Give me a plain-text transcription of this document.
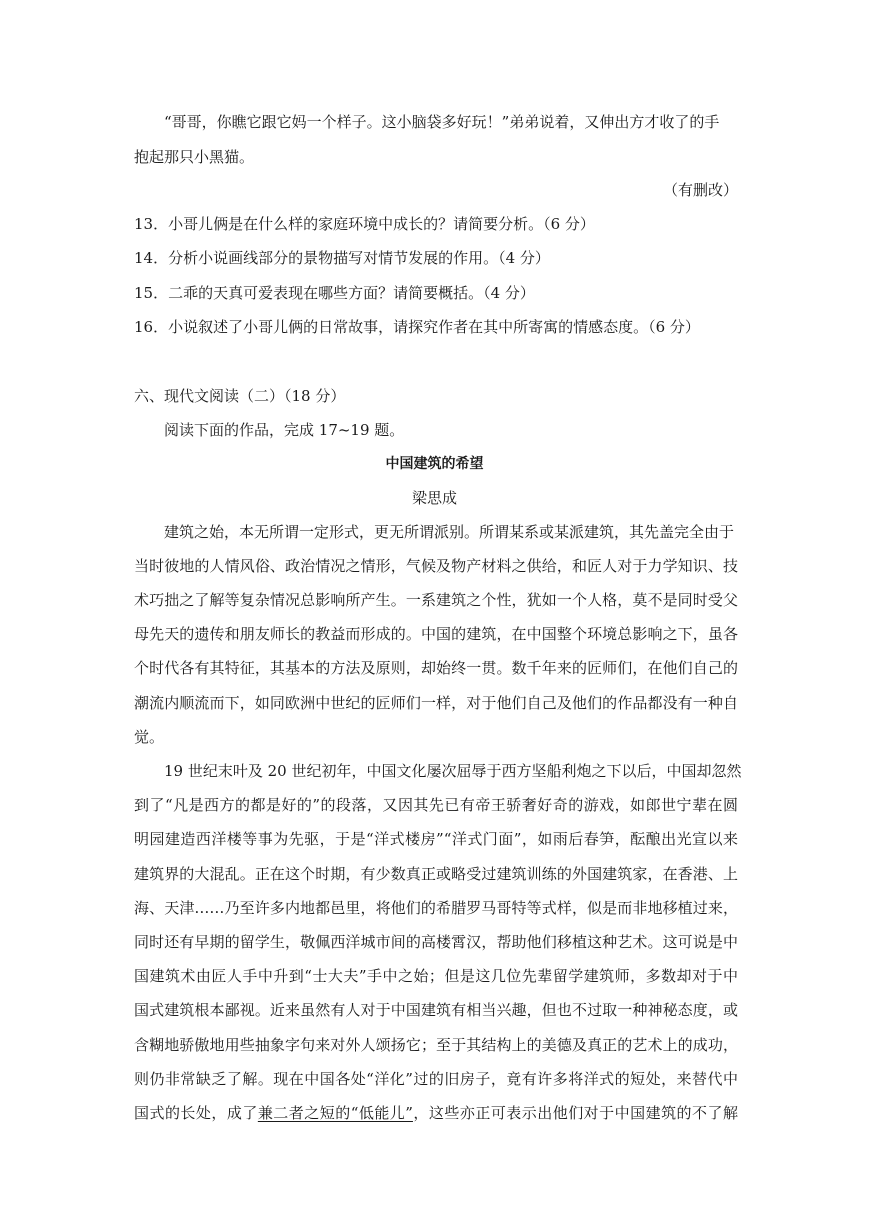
“哥哥，你瞧它跟它妈一个样子。这小脑袋多好玩！”弟弟说着，又伸出方才收了的手
抱起那只小黑猫。
（有删改）
13．小哥儿俩是在什么样的家庭环境中成长的？请简要分析。（6 分）
14．分析小说画线部分的景物描写对情节发展的作用。（4 分）
15．二乖的天真可爱表现在哪些方面？请简要概括。（4 分）
16．小说叙述了小哥儿俩的日常故事，请探究作者在其中所寄寓的情感态度。（6 分）
六、现代文阅读（二）（18 分）
阅读下面的作品，完成 17~19 题。
中国建筑的希望
梁思成
建筑之始，本无所谓一定形式，更无所谓派别。所谓某系或某派建筑，其先盖完全由于
当时彼地的人情风俗、政治情况之情形，气候及物产材料之供给，和匠人对于力学知识、技
术巧拙之了解等复杂情况总影响所产生。一系建筑之个性，犹如一个人格，莫不是同时受父
母先天的遗传和朋友师长的教益而形成的。中国的建筑，在中国整个环境总影响之下，虽各
个时代各有其特征，其基本的方法及原则，却始终一贯。数千年来的匠师们，在他们自己的
潮流内顺流而下，如同欧洲中世纪的匠师们一样，对于他们自己及他们的作品都没有一种自
觉。
19 世纪末叶及 20 世纪初年，中国文化屡次屈辱于西方坚船利炮之下以后，中国却忽然
到了“凡是西方的都是好的”的段落，又因其先已有帝王骄奢好奇的游戏，如郎世宁辈在圆
明园建造西洋楼等事为先驱，于是“洋式楼房”“洋式门面”，如雨后春笋，酝酿出光宣以来
建筑界的大混乱。正在这个时期，有少数真正或略受过建筑训练的外国建筑家，在香港、上
海、天津……乃至许多内地都邑里，将他们的希腊罗马哥特等式样，似是而非地移植过来，
同时还有早期的留学生，敬佩西洋城市间的高楼霄汉，帮助他们移植这种艺术。这可说是中
国建筑术由匠人手中升到“士大夫”手中之始；但是这几位先辈留学建筑师，多数却对于中
国式建筑根本鄙视。近来虽然有人对于中国建筑有相当兴趣，但也不过取一种神秘态度，或
含糊地骄傲地用些抽象字句来对外人颂扬它；至于其结构上的美德及真正的艺术上的成功，
则仍非常缺乏了解。现在中国各处“洋化”过的旧房子，竟有许多将洋式的短处，来替代中
国式的长处，成了兼二者之短的“低能儿”，这些亦正可表示出他们对于中国建筑的不了解
